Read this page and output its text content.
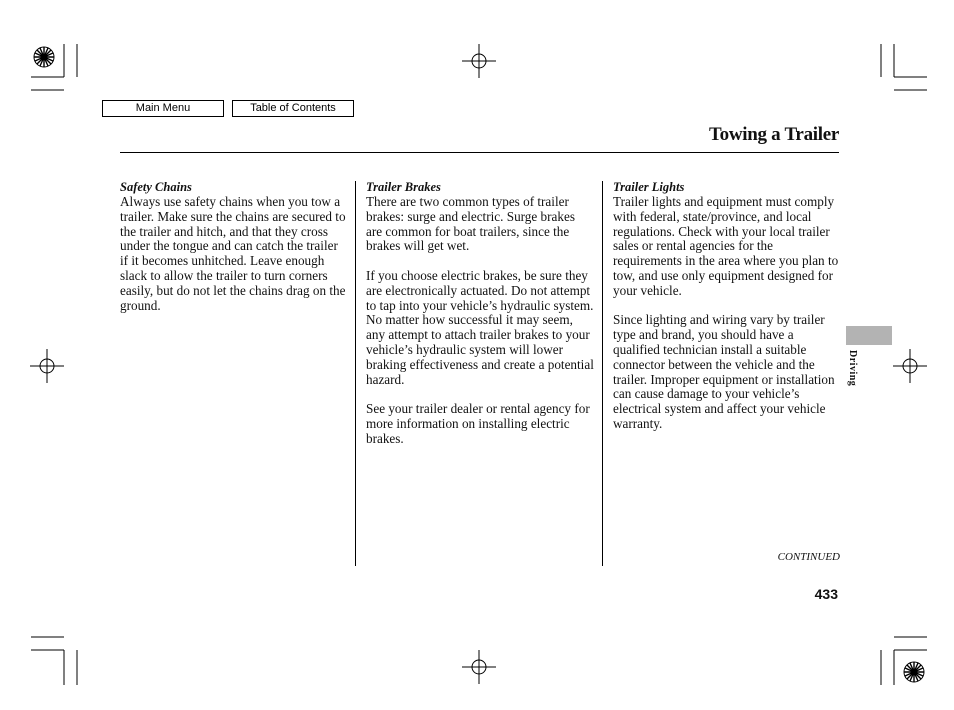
Main Menu	Table of Contents
Towing a Trailer
Safety Chains

Always use safety chains when you tow a trailer. Make sure the chains are secured to the trailer and hitch, and that they cross under the tongue and can catch the trailer if it becomes unhitched. Leave enough slack to allow the trailer to turn corners easily, but do not let the chains drag on the ground.

Trailer Brakes

There are two common types of trailer brakes: surge and electric. Surge brakes are common for boat trailers, since the brakes will get wet.

If you choose electric brakes, be sure they are electronically actuated. Do not attempt to tap into your vehicle’s hydraulic system. No matter how successful it may seem, any attempt to attach trailer brakes to your vehicle’s hydraulic system will lower braking effectiveness and create a potential hazard.

See your trailer dealer or rental agency for more information on installing electric brakes.

Trailer Lights

Trailer lights and equipment must comply with federal, state/province, and local regulations. Check with your local trailer sales or rental agencies for the requirements in the area where you plan to tow, and use only equipment designed for your vehicle.

Since lighting and wiring vary by trailer type and brand, you should have a qualified technician install a suitable connector between the vehicle and the trailer. Improper equipment or installation can cause damage to your vehicle’s electrical system and affect your vehicle warranty.

Driving
CONTINUED
433
